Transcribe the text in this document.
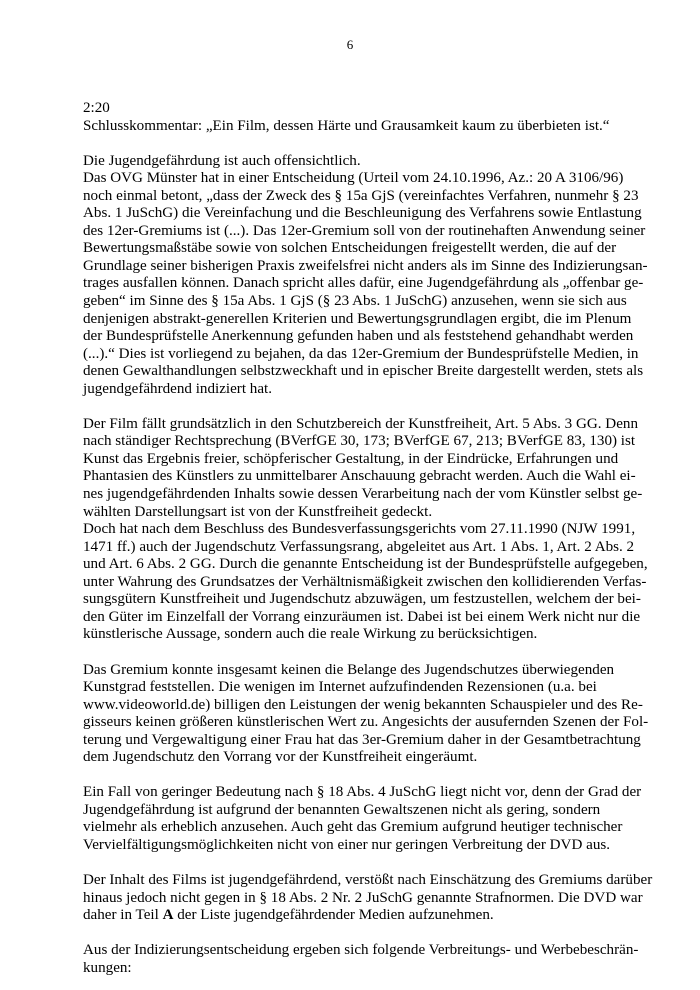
6
2:20
Schlusskommentar: „Ein Film, dessen Härte und Grausamkeit kaum zu überbieten ist.“
Die Jugendgefährdung ist auch offensichtlich.
Das OVG Münster hat in einer Entscheidung (Urteil vom 24.10.1996, Az.: 20 A 3106/96)
noch einmal betont, „dass der Zweck des § 15a GjS (vereinfachtes Verfahren, nunmehr § 23
Abs. 1 JuSchG) die Vereinfachung und die Beschleunigung des Verfahrens sowie Entlastung
des 12er-Gremiums ist (...). Das 12er-Gremium soll von der routinehaften Anwendung seiner
Bewertungsmaßstäbe sowie von solchen Entscheidungen freigestellt werden, die auf der
Grundlage seiner bisherigen Praxis zweifelsfrei nicht anders als im Sinne des Indizierungsan-
trages ausfallen können. Danach spricht alles dafür, eine Jugendgefährdung als „offenbar ge-
geben“ im Sinne des § 15a Abs. 1 GjS (§ 23 Abs. 1 JuSchG) anzusehen, wenn sie sich aus
denjenigen abstrakt-generellen Kriterien und Bewertungsgrundlagen ergibt, die im Plenum
der Bundesprüfstelle Anerkennung gefunden haben und als feststehend gehandhabt werden
(...).“ Dies ist vorliegend zu bejahen, da das 12er-Gremium der Bundesprüfstelle Medien, in
denen Gewalthandlungen selbstzweckhaft und in epischer Breite dargestellt werden, stets als
jugendgefährdend indiziert hat.
Der Film fällt grundsätzlich in den Schutzbereich der Kunstfreiheit, Art. 5 Abs. 3 GG. Denn
nach ständiger Rechtsprechung (BVerfGE 30, 173; BVerfGE 67, 213; BVerfGE 83, 130) ist
Kunst das Ergebnis freier, schöpferischer Gestaltung, in der Eindrücke, Erfahrungen und
Phantasien des Künstlers zu unmittelbarer Anschauung gebracht werden. Auch die Wahl ei-
nes jugendgefährdenden Inhalts sowie dessen Verarbeitung nach der vom Künstler selbst ge-
wählten Darstellungsart ist von der Kunstfreiheit gedeckt.
Doch hat nach dem Beschluss des Bundesverfassungsgerichts vom 27.11.1990 (NJW 1991,
1471 ff.) auch der Jugendschutz Verfassungsrang, abgeleitet aus Art. 1 Abs. 1, Art. 2 Abs. 2
und Art. 6 Abs. 2 GG. Durch die genannte Entscheidung ist der Bundesprüfstelle aufgegeben,
unter Wahrung des Grundsatzes der Verhältnismäßigkeit zwischen den kollidierenden Verfas-
sungsgütern Kunstfreiheit und Jugendschutz abzuwägen, um festzustellen, welchem der bei-
den Güter im Einzelfall der Vorrang einzuräumen ist. Dabei ist bei einem Werk nicht nur die
künstlerische Aussage, sondern auch die reale Wirkung zu berücksichtigen.
Das Gremium konnte insgesamt keinen die Belange des Jugendschutzes überwiegenden
Kunstgrad feststellen. Die wenigen im Internet aufzufindenden Rezensionen (u.a. bei
www.videoworld.de) billigen den Leistungen der wenig bekannten Schauspieler und des Re-
gisseurs keinen größeren künstlerischen Wert zu. Angesichts der ausufernden Szenen der Fol-
terung und Vergewaltigung einer Frau hat das 3er-Gremium daher in der Gesamtbetrachtung
dem Jugendschutz den Vorrang vor der Kunstfreiheit eingeräumt.
Ein Fall von geringer Bedeutung nach § 18 Abs. 4 JuSchG liegt nicht vor, denn der Grad der
Jugendgefährdung ist aufgrund der benannten Gewaltszenen nicht als gering, sondern
vielmehr als erheblich anzusehen. Auch geht das Gremium aufgrund heutiger technischer
Vervielfältigungsmöglichkeiten nicht von einer nur geringen Verbreitung der DVD aus.
Der Inhalt des Films ist jugendgefährdend, verstößt nach Einschätzung des Gremiums darüber
hinaus jedoch nicht gegen in § 18 Abs. 2 Nr. 2 JuSchG genannte Strafnormen. Die DVD war
daher in Teil A der Liste jugendgefährdender Medien aufzunehmen.
Aus der Indizierungsentscheidung ergeben sich folgende Verbreitungs- und Werbebeschrän-
kungen:
